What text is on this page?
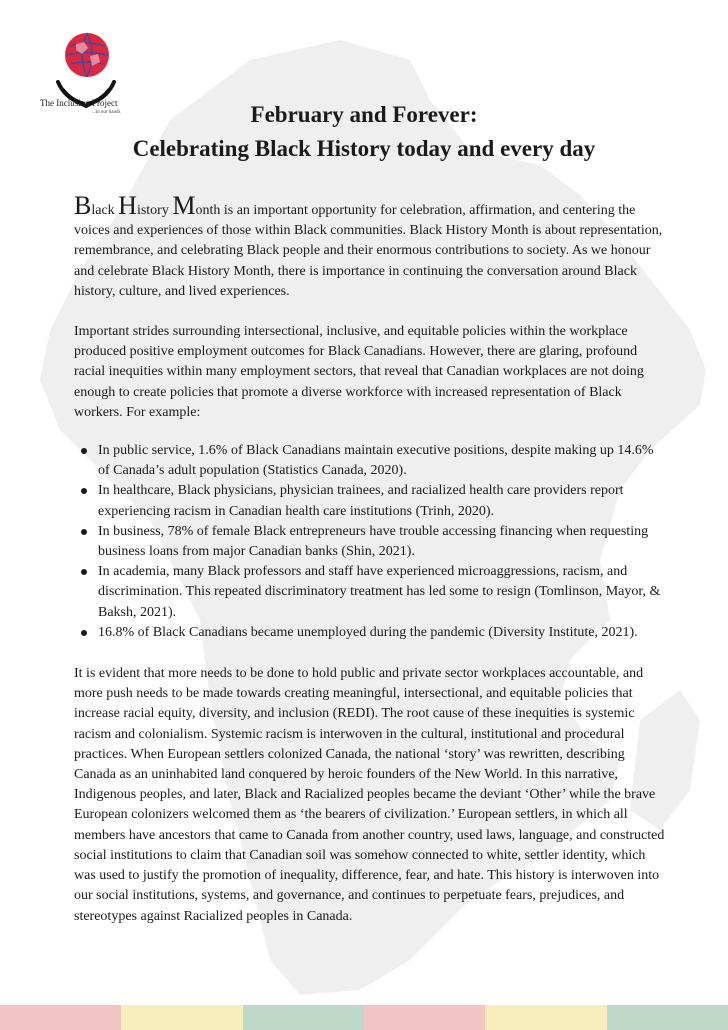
The Inclusion Project
...in our hands	February and Forever:
Celebrating Black History today and every day

Black History Month is an important opportunity for celebration, affirmation, and centering the voices and experiences of those within Black communities. Black History Month is about representation, remembrance, and celebrating Black people and their enormous contributions to society. As we honour and celebrate Black History Month, there is importance in continuing the conversation around Black history, culture, and lived experiences.

Important strides surrounding intersectional, inclusive, and equitable policies within the workplace produced positive employment outcomes for Black Canadians. However, there are glaring, profound racial inequities within many employment sectors, that reveal that Canadian workplaces are not doing enough to create policies that promote a diverse workforce with increased representation of Black workers. For example:

In public service, 1.6% of Black Canadians maintain executive positions, despite making up 14.6% of Canada’s adult population (Statistics Canada, 2020).
In healthcare, Black physicians, physician trainees, and racialized health care providers report experiencing racism in Canadian health care institutions (Trinh, 2020).
In business, 78% of female Black entrepreneurs have trouble accessing financing when requesting business loans from major Canadian banks (Shin, 2021).
In academia, many Black professors and staff have experienced microaggressions, racism, and discrimination. This repeated discriminatory treatment has led some to resign (Tomlinson, Mayor, & Baksh, 2021).
16.8% of Black Canadians became unemployed during the pandemic (Diversity Institute, 2021).

It is evident that more needs to be done to hold public and private sector workplaces accountable, and more push needs to be made towards creating meaningful, intersectional, and equitable policies that increase racial equity, diversity, and inclusion (REDI). The root cause of these inequities is systemic racism and colonialism. Systemic racism is interwoven in the cultural, institutional and procedural practices. When European settlers colonized Canada, the national ‘story’ was rewritten, describing Canada as an uninhabited land conquered by heroic founders of the New World. In this narrative, Indigenous peoples, and later, Black and Racialized peoples became the deviant ‘Other’ while the brave European colonizers welcomed them as ‘the bearers of civilization.’ European settlers, in which all members have ancestors that came to Canada from another country, used laws, language, and constructed social institutions to claim that Canadian soil was somehow connected to white, settler identity, which was used to justify the promotion of inequality, difference, fear, and hate. This history is interwoven into our social institutions, systems, and governance, and continues to perpetuate fears, prejudices, and stereotypes against Racialized peoples in Canada.
